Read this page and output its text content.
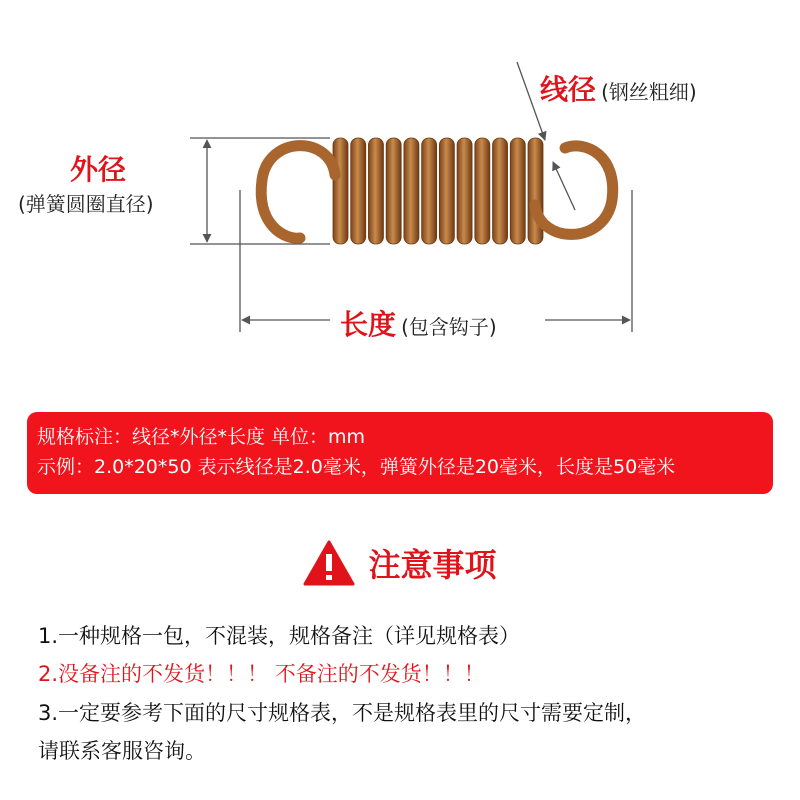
线径 (钢丝粗细)
外径
(弹簧圆圈直径)
长度 (包含钩子)
规格标注：线径*外径*长度 单位：mm
示例：2.0*20*50 表示线径是2.0毫米，弹簧外径是20毫米，长度是50毫米
注意事项
1.一种规格一包，不混装，规格备注（详见规格表）
2.没备注的不发货！！！ 不备注的不发货！！！
3.一定要参考下面的尺寸规格表，不是规格表里的尺寸需要定制，
请联系客服咨询。
